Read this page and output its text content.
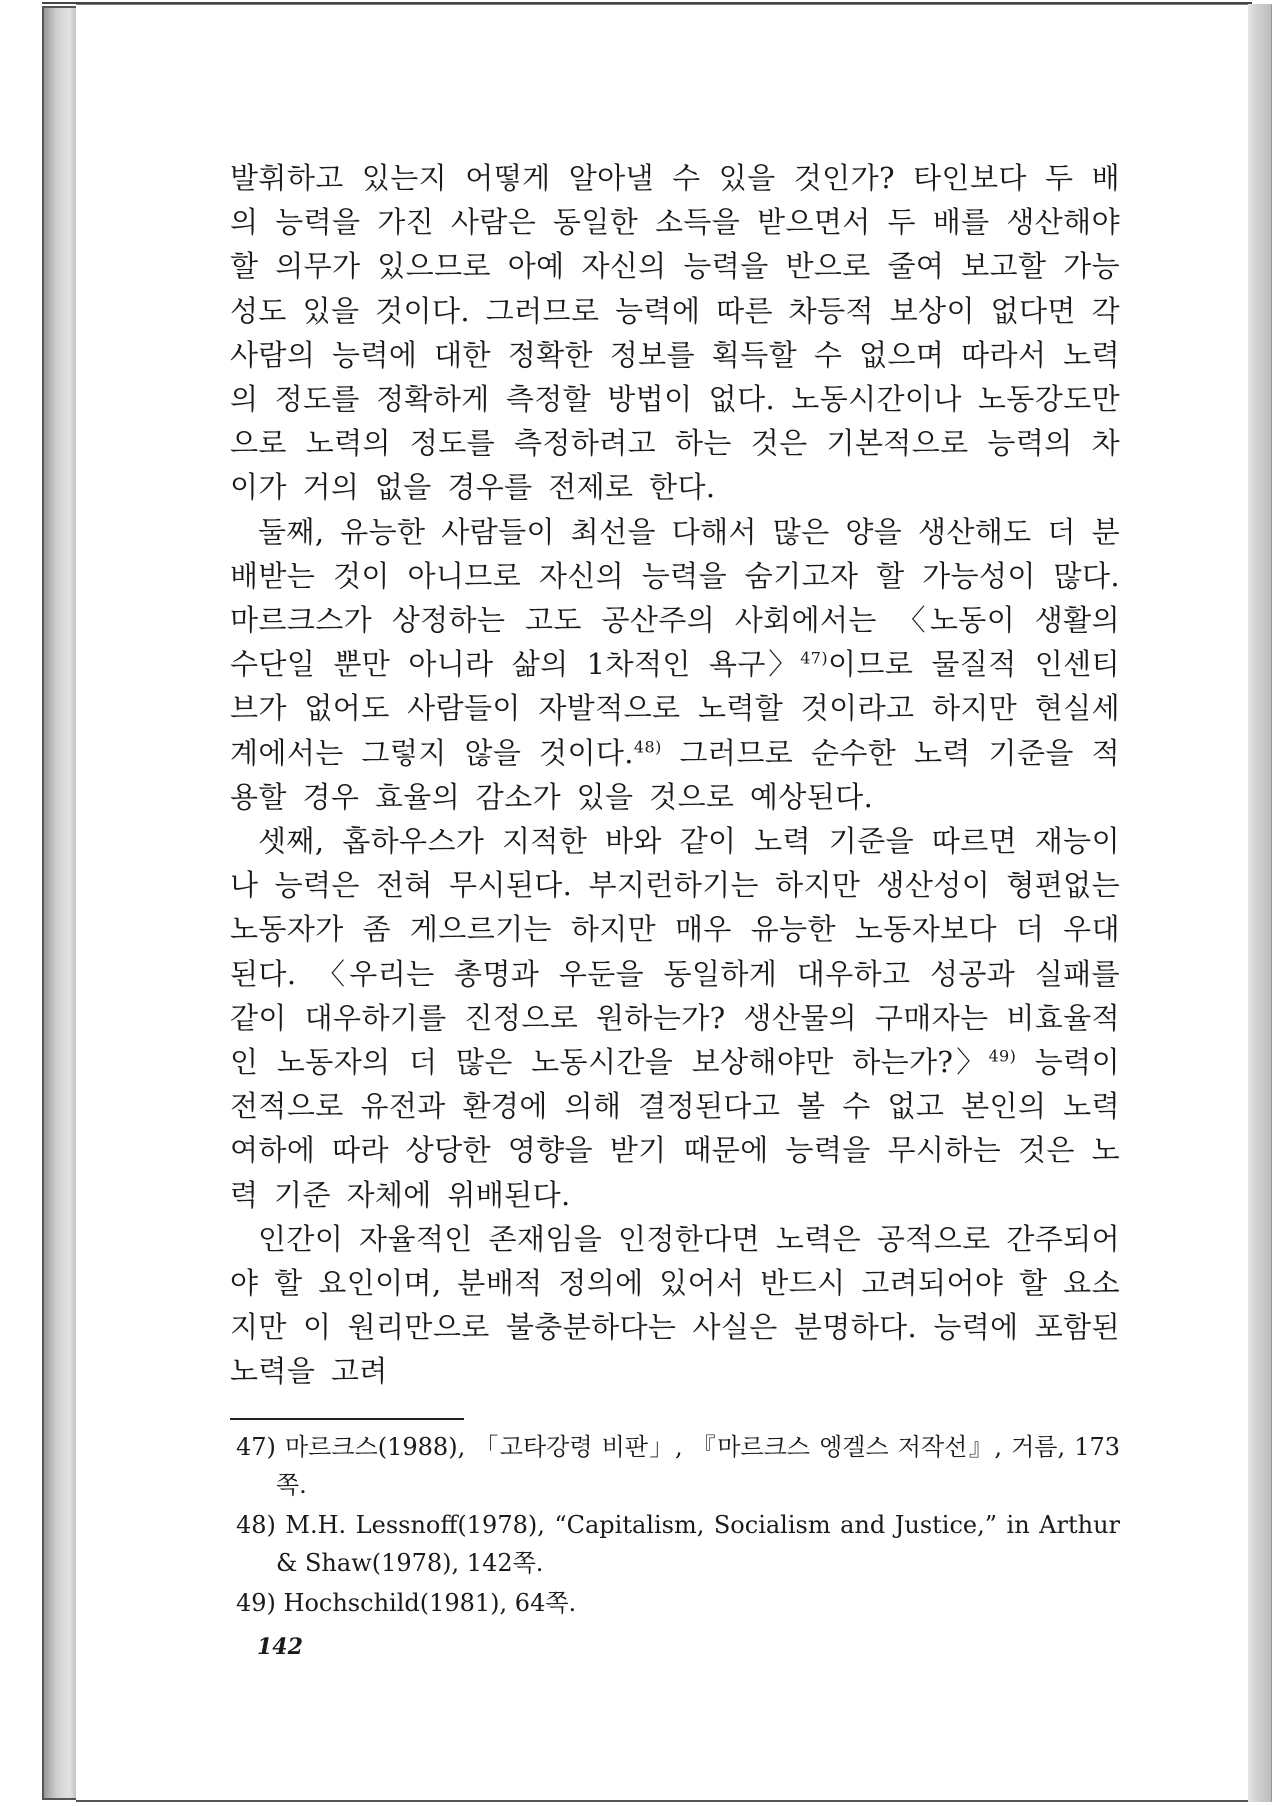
발휘하고 있는지 어떻게 알아낼 수 있을 것인가? 타인보다 두 배의 능력을 가진 사람은 동일한 소득을 받으면서 두 배를 생산해야 할 의무가 있으므로 아예 자신의 능력을 반으로 줄여 보고할 가능성도 있을 것이다. 그러므로 능력에 따른 차등적 보상이 없다면 각 사람의 능력에 대한 정확한 정보를 획득할 수 없으며 따라서 노력의 정도를 정확하게 측정할 방법이 없다. 노동시간이나 노동강도만으로 노력의 정도를 측정하려고 하는 것은 기본적으로 능력의 차이가 거의 없을 경우를 전제로 한다.

둘째, 유능한 사람들이 최선을 다해서 많은 양을 생산해도 더 분배받는 것이 아니므로 자신의 능력을 숨기고자 할 가능성이 많다. 마르크스가 상정하는 고도 공산주의 사회에서는 〈노동이 생활의 수단일 뿐만 아니라 삶의 1차적인 욕구〉$^{47)}$이므로 물질적 인센티브가 없어도 사람들이 자발적으로 노력할 것이라고 하지만 현실세계에서는 그렇지 않을 것이다.$^{48)}$ 그러므로 순수한 노력 기준을 적용할 경우 효율의 감소가 있을 것으로 예상된다.

셋째, 홉하우스가 지적한 바와 같이 노력 기준을 따르면 재능이나 능력은 전혀 무시된다. 부지런하기는 하지만 생산성이 형편없는 노동자가 좀 게으르기는 하지만 매우 유능한 노동자보다 더 우대된다. 〈우리는 총명과 우둔을 동일하게 대우하고 성공과 실패를 같이 대우하기를 진정으로 원하는가? 생산물의 구매자는 비효율적인 노동자의 더 많은 노동시간을 보상해야만 하는가?〉$^{49)}$ 능력이 전적으로 유전과 환경에 의해 결정된다고 볼 수 없고 본인의 노력 여하에 따라 상당한 영향을 받기 때문에 능력을 무시하는 것은 노력 기준 자체에 위배된다.

인간이 자율적인 존재임을 인정한다면 노력은 공적으로 간주되어야 할 요인이며, 분배적 정의에 있어서 반드시 고려되어야 할 요소지만 이 원리만으로 불충분하다는 사실은 분명하다. 능력에 포함된 노력을 고려

47) 마르크스(1988), 「고타강령 비판」, 『마르크스 엥겔스 저작선』, 거름, 173쪽.

48) M.H. Lessnoff(1978), “Capitalism, Socialism and Justice,” in Arthur & Shaw(1978), 142쪽.

49) Hochschild(1981), 64쪽.

142
